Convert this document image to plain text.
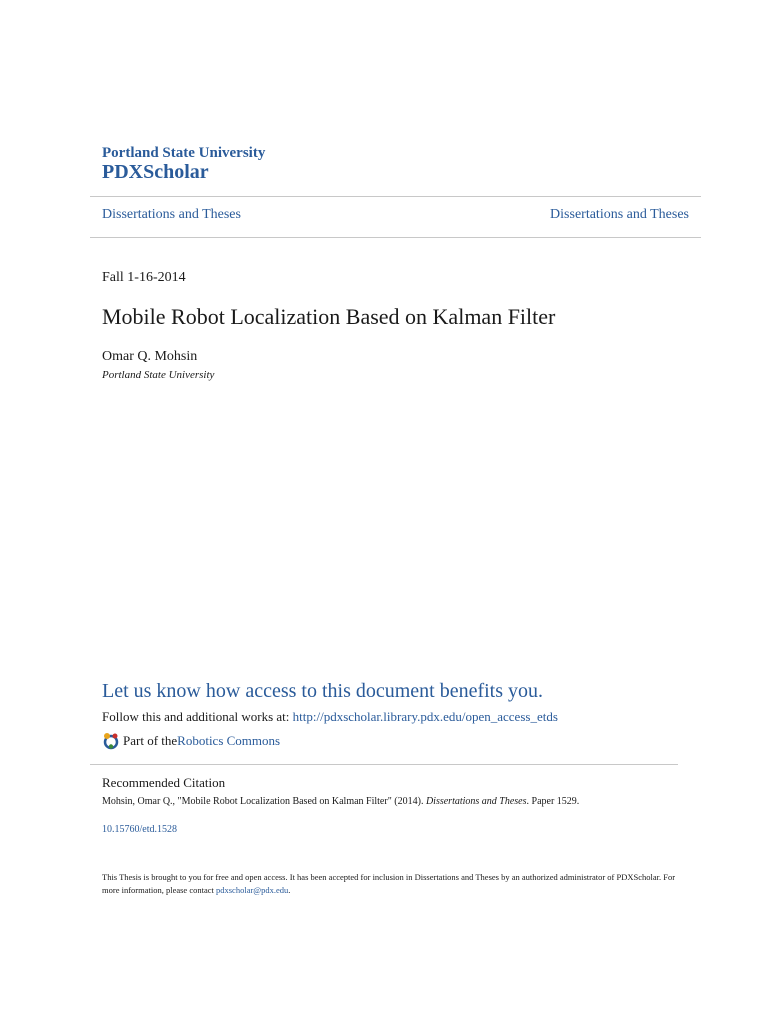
Portland State University
PDXScholar
Dissertations and Theses	Dissertations and Theses
Fall 1-16-2014
Mobile Robot Localization Based on Kalman Filter
Omar Q. Mohsin
Portland State University
Let us know how access to this document benefits you.
Follow this and additional works at: http://pdxscholar.library.pdx.edu/open_access_etds
Part of the Robotics Commons
Recommended Citation
Mohsin, Omar Q., "Mobile Robot Localization Based on Kalman Filter" (2014). Dissertations and Theses. Paper 1529.
10.15760/etd.1528
This Thesis is brought to you for free and open access. It has been accepted for inclusion in Dissertations and Theses by an authorized administrator of PDXScholar. For more information, please contact pdxscholar@pdx.edu.
